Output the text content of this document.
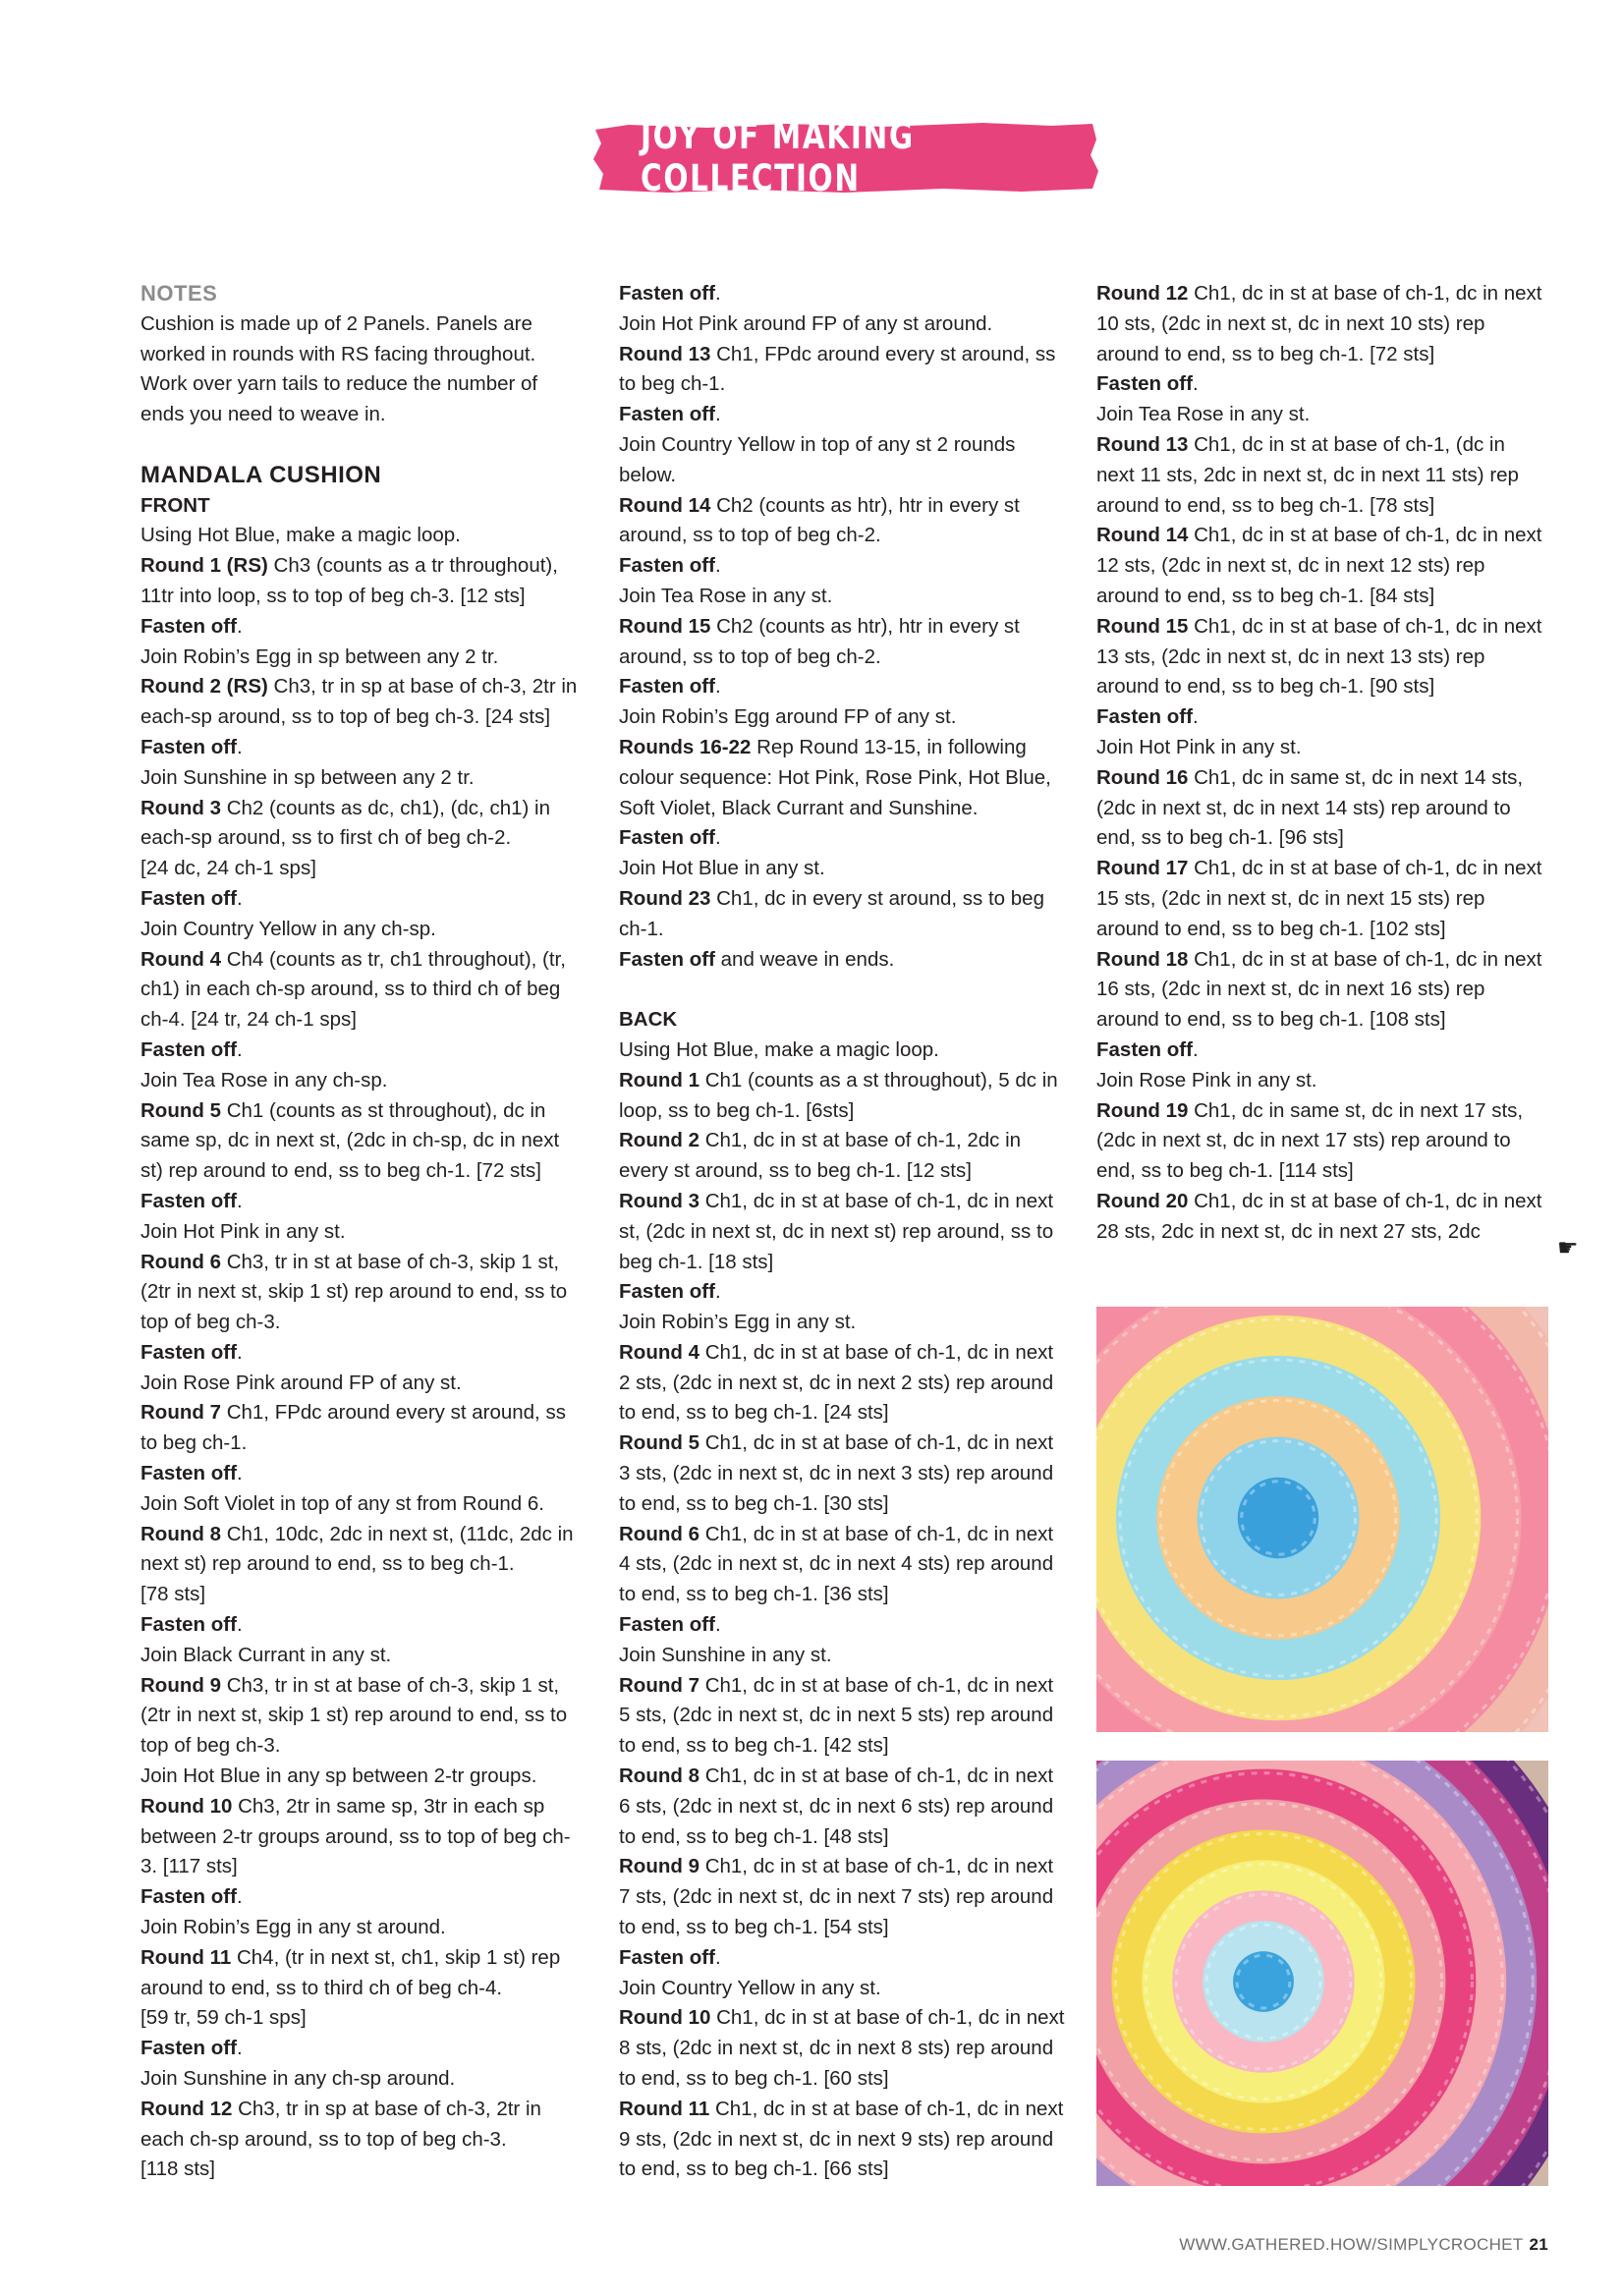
JOY OF MAKING COLLECTION

NOTES

Cushion is made up of 2 Panels. Panels are worked in rounds with RS facing throughout. Work over yarn tails to reduce the number of ends you need to weave in.

MANDALA CUSHION

FRONT

Using Hot Blue, make a magic loop.

Round 1 (RS) Ch3 (counts as a tr throughout), 11tr into loop, ss to top of beg ch-3. [12 sts]

Fasten off.

Join Robin’s Egg in sp between any 2 tr.

Round 2 (RS) Ch3, tr in sp at base of ch-3, 2tr in each-sp around, ss to top of beg ch-3. [24 sts]

Fasten off.

Join Sunshine in sp between any 2 tr.

Round 3 Ch2 (counts as dc, ch1), (dc, ch1) in each-sp around, ss to first ch of beg ch-2.

[24 dc, 24 ch-1 sps]

Fasten off.

Join Country Yellow in any ch-sp.

Round 4 Ch4 (counts as tr, ch1 throughout), (tr, ch1) in each ch-sp around, ss to third ch of beg ch-4. [24 tr, 24 ch-1 sps]

Fasten off.

Join Tea Rose in any ch-sp.

Round 5 Ch1 (counts as st throughout), dc in same sp, dc in next st, (2dc in ch-sp, dc in next st) rep around to end, ss to beg ch-1. [72 sts]

Fasten off.

Join Hot Pink in any st.

Round 6 Ch3, tr in st at base of ch-3, skip 1 st, (2tr in next st, skip 1 st) rep around to end, ss to top of beg ch-3.

Fasten off.

Join Rose Pink around FP of any st.

Round 7 Ch1, FPdc around every st around, ss to beg ch-1.

Fasten off.

Join Soft Violet in top of any st from Round 6.

Round 8 Ch1, 10dc, 2dc in next st, (11dc, 2dc in next st) rep around to end, ss to beg ch-1.

[78 sts]

Fasten off.

Join Black Currant in any st.

Round 9 Ch3, tr in st at base of ch-3, skip 1 st, (2tr in next st, skip 1 st) rep around to end, ss to top of beg ch-3.

Join Hot Blue in any sp between 2-tr groups.

Round 10 Ch3, 2tr in same sp, 3tr in each sp between 2-tr groups around, ss to top of beg ch-3. [117 sts]

Fasten off.

Join Robin’s Egg in any st around.

Round 11 Ch4, (tr in next st, ch1, skip 1 st) rep around to end, ss to third ch of beg ch-4.

[59 tr, 59 ch-1 sps]

Fasten off.

Join Sunshine in any ch-sp around.

Round 12 Ch3, tr in sp at base of ch-3, 2tr in each ch-sp around, ss to top of beg ch-3.

[118 sts]

Fasten off.

Join Hot Pink around FP of any st around.

Round 13 Ch1, FPdc around every st around, ss to beg ch-1.

Fasten off.

Join Country Yellow in top of any st 2 rounds below.

Round 14 Ch2 (counts as htr), htr in every st around, ss to top of beg ch-2.

Fasten off.

Join Tea Rose in any st.

Round 15 Ch2 (counts as htr), htr in every st around, ss to top of beg ch-2.

Fasten off.

Join Robin’s Egg around FP of any st.

Rounds 16-22 Rep Round 13-15, in following colour sequence: Hot Pink, Rose Pink, Hot Blue, Soft Violet, Black Currant and Sunshine.

Fasten off.

Join Hot Blue in any st.

Round 23 Ch1, dc in every st around, ss to beg ch-1.

Fasten off and weave in ends.

BACK

Using Hot Blue, make a magic loop.

Round 1 Ch1 (counts as a st throughout), 5 dc in loop, ss to beg ch-1. [6sts]

Round 2 Ch1, dc in st at base of ch-1, 2dc in every st around, ss to beg ch-1. [12 sts]

Round 3 Ch1, dc in st at base of ch-1, dc in next st, (2dc in next st, dc in next st) rep around, ss to beg ch-1. [18 sts]

Fasten off.

Join Robin’s Egg in any st.

Round 4 Ch1, dc in st at base of ch-1, dc in next 2 sts, (2dc in next st, dc in next 2 sts) rep around to end, ss to beg ch-1. [24 sts]

Round 5 Ch1, dc in st at base of ch-1, dc in next 3 sts, (2dc in next st, dc in next 3 sts) rep around to end, ss to beg ch-1. [30 sts]

Round 6 Ch1, dc in st at base of ch-1, dc in next 4 sts, (2dc in next st, dc in next 4 sts) rep around to end, ss to beg ch-1. [36 sts]

Fasten off.

Join Sunshine in any st.

Round 7 Ch1, dc in st at base of ch-1, dc in next 5 sts, (2dc in next st, dc in next 5 sts) rep around to end, ss to beg ch-1. [42 sts]

Round 8 Ch1, dc in st at base of ch-1, dc in next 6 sts, (2dc in next st, dc in next 6 sts) rep around to end, ss to beg ch-1. [48 sts]

Round 9 Ch1, dc in st at base of ch-1, dc in next 7 sts, (2dc in next st, dc in next 7 sts) rep around to end, ss to beg ch-1. [54 sts]

Fasten off.

Join Country Yellow in any st.

Round 10 Ch1, dc in st at base of ch-1, dc in next 8 sts, (2dc in next st, dc in next 8 sts) rep around to end, ss to beg ch-1. [60 sts]

Round 11 Ch1, dc in st at base of ch-1, dc in next 9 sts, (2dc in next st, dc in next 9 sts) rep around to end, ss to beg ch-1. [66 sts]

Round 12 Ch1, dc in st at base of ch-1, dc in next 10 sts, (2dc in next st, dc in next 10 sts) rep around to end, ss to beg ch-1. [72 sts]

Fasten off.

Join Tea Rose in any st.

Round 13 Ch1, dc in st at base of ch-1, (dc in next 11 sts, 2dc in next st, dc in next 11 sts) rep around to end, ss to beg ch-1. [78 sts]

Round 14 Ch1, dc in st at base of ch-1, dc in next 12 sts, (2dc in next st, dc in next 12 sts) rep around to end, ss to beg ch-1. [84 sts]

Round 15 Ch1, dc in st at base of ch-1, dc in next 13 sts, (2dc in next st, dc in next 13 sts) rep around to end, ss to beg ch-1. [90 sts]

Fasten off.

Join Hot Pink in any st.

Round 16 Ch1, dc in same st, dc in next 14 sts, (2dc in next st, dc in next 14 sts) rep around to end, ss to beg ch-1. [96 sts]

Round 17 Ch1, dc in st at base of ch-1, dc in next 15 sts, (2dc in next st, dc in next 15 sts) rep around to end, ss to beg ch-1. [102 sts]

Round 18 Ch1, dc in st at base of ch-1, dc in next 16 sts, (2dc in next st, dc in next 16 sts) rep around to end, ss to beg ch-1. [108 sts]

Fasten off.

Join Rose Pink in any st.

Round 19 Ch1, dc in same st, dc in next 17 sts, (2dc in next st, dc in next 17 sts) rep around to end, ss to beg ch-1. [114 sts]

Round 20 Ch1, dc in st at base of ch-1, dc in next 28 sts, 2dc in next st, dc in next 27 sts, 2dc

☛
WWW.GATHERED.HOW/SIMPLYCROCHET 21
